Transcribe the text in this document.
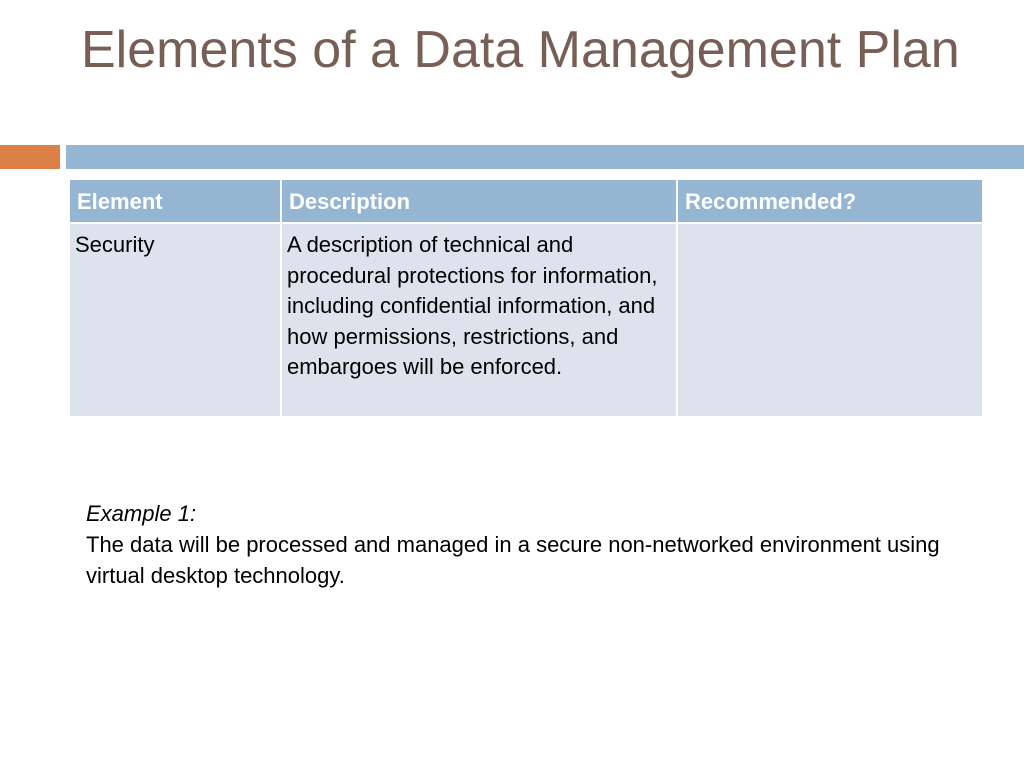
Elements of a Data Management Plan
Element	Description	Recommended?
Security	A description of technical and procedural protections for information, including confidential information, and how permissions, restrictions, and embargoes will be enforced.	
Example 1:
The data will be processed and managed in a secure non-networked environment using virtual desktop technology.
